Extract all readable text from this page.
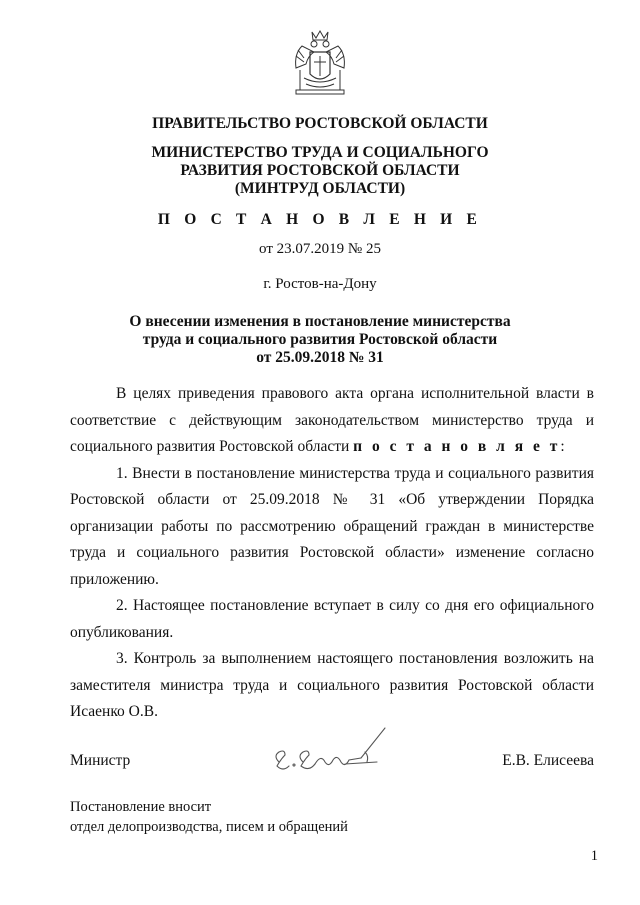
ПРАВИТЕЛЬСТВО РОСТОВСКОЙ ОБЛАСТИ
МИНИСТЕРСТВО ТРУДА И СОЦИАЛЬНОГО
РАЗВИТИЯ РОСТОВСКОЙ ОБЛАСТИ
(МИНТРУД ОБЛАСТИ)
П О С Т А Н О В Л Е Н И Е
от 23.07.2019 № 25
г. Ростов-на-Дону
О внесении изменения в постановление министерства
труда и социального развития Ростовской области
от 25.09.2018 № 31

В целях приведения правового акта органа исполнительной власти в соответствие с действующим законодательством министерство труда и социального развития Ростовской области п о с т а н о в л я е т:

1. Внести в постановление министерства труда и социального развития Ростовской области от 25.09.2018 № 31 «Об утверждении Порядка организации работы по рассмотрению обращений граждан в министерстве труда и социального развития Ростовской области» изменение согласно приложению.

2. Настоящее постановление вступает в силу со дня его официального опубликования.

3. Контроль за выполнением настоящего постановления возложить на заместителя министра труда и социального развития Ростовской области Исаенко О.В.

Министр	Е.В. Елисеева
Постановление вносит
отдел делопроизводства, писем и обращений
1
